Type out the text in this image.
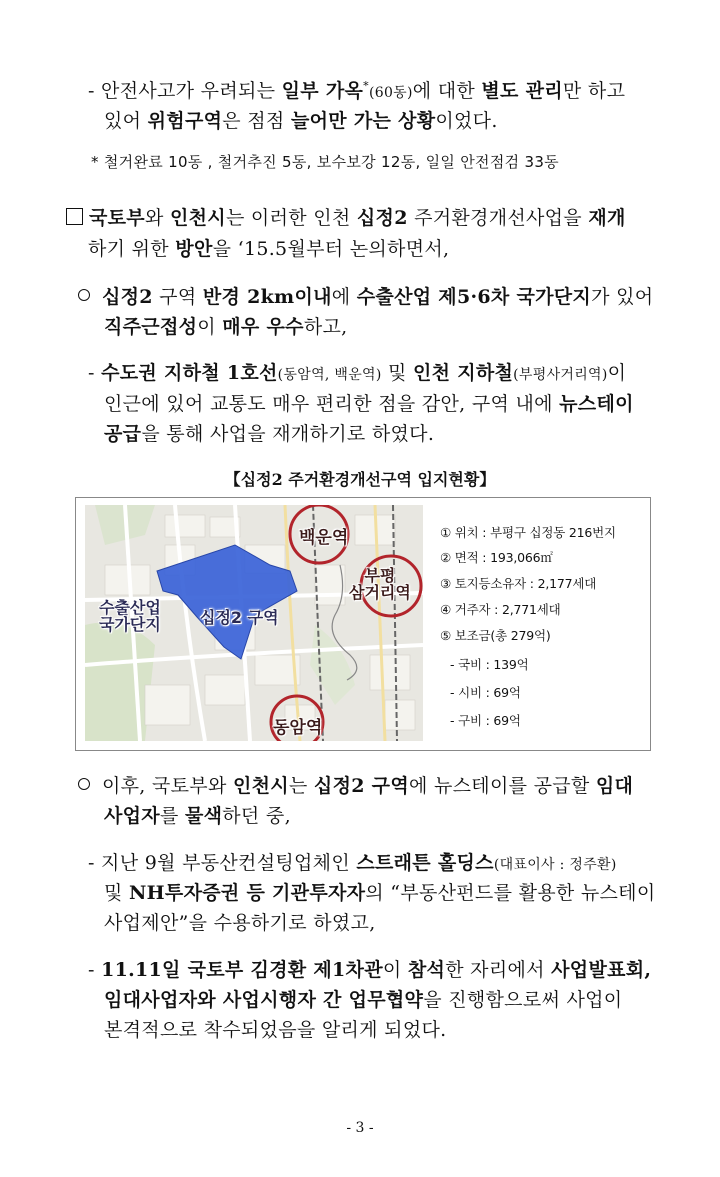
- 안전사고가 우려되는 일부 가옥*(60동)에 대한 별도 관리만 하고
있어 위험구역은 점점 늘어만 가는 상황이었다.
* 철거완료 10동 , 철거추진 5동, 보수보강 12동, 일일 안전점검 33동
국토부와 인천시는 이러한 인천 십정2 주거환경개선사업을 재개
하기 위한 방안을 ‘15.5월부터 논의하면서,
십정2 구역 반경 2km이내에 수출산업 제5·6차 국가단지가 있어
직주근접성이 매우 우수하고,
- 수도권 지하철 1호선(동암역, 백운역) 및 인천 지하철(부평사거리역)이
인근에 있어 교통도 매우 편리한 점을 감안, 구역 내에 뉴스테이
공급을 통해 사업을 재개하기로 하였다.
【십정2 주거환경개선구역 입지현황】
백운역
부평
삼거리역
수출산업
국가단지 십정2 구역
동암역
① 위치 : 부평구 십정동 216번지
② 면적 : 193,066㎡
③ 토지등소유자 : 2,177세대
④ 거주자 : 2,771세대
⑤ 보조금(총 279억)
- 국비 : 139억
- 시비 : 69억
- 구비 : 69억
이후, 국토부와 인천시는 십정2 구역에 뉴스테이를 공급할 임대
사업자를 물색하던 중,
- 지난 9월 부동산컨설팅업체인 스트래튼 홀딩스(대표이사 : 정주환)
및 NH투자증권 등 기관투자자의 “부동산펀드를 활용한 뉴스테이
사업제안”을 수용하기로 하였고,
- 11.11일 국토부 김경환 제1차관이 참석한 자리에서 사업발표회,
임대사업자와 사업시행자 간 업무협약을 진행함으로써 사업이
본격적으로 착수되었음을 알리게 되었다.
- 3 -
